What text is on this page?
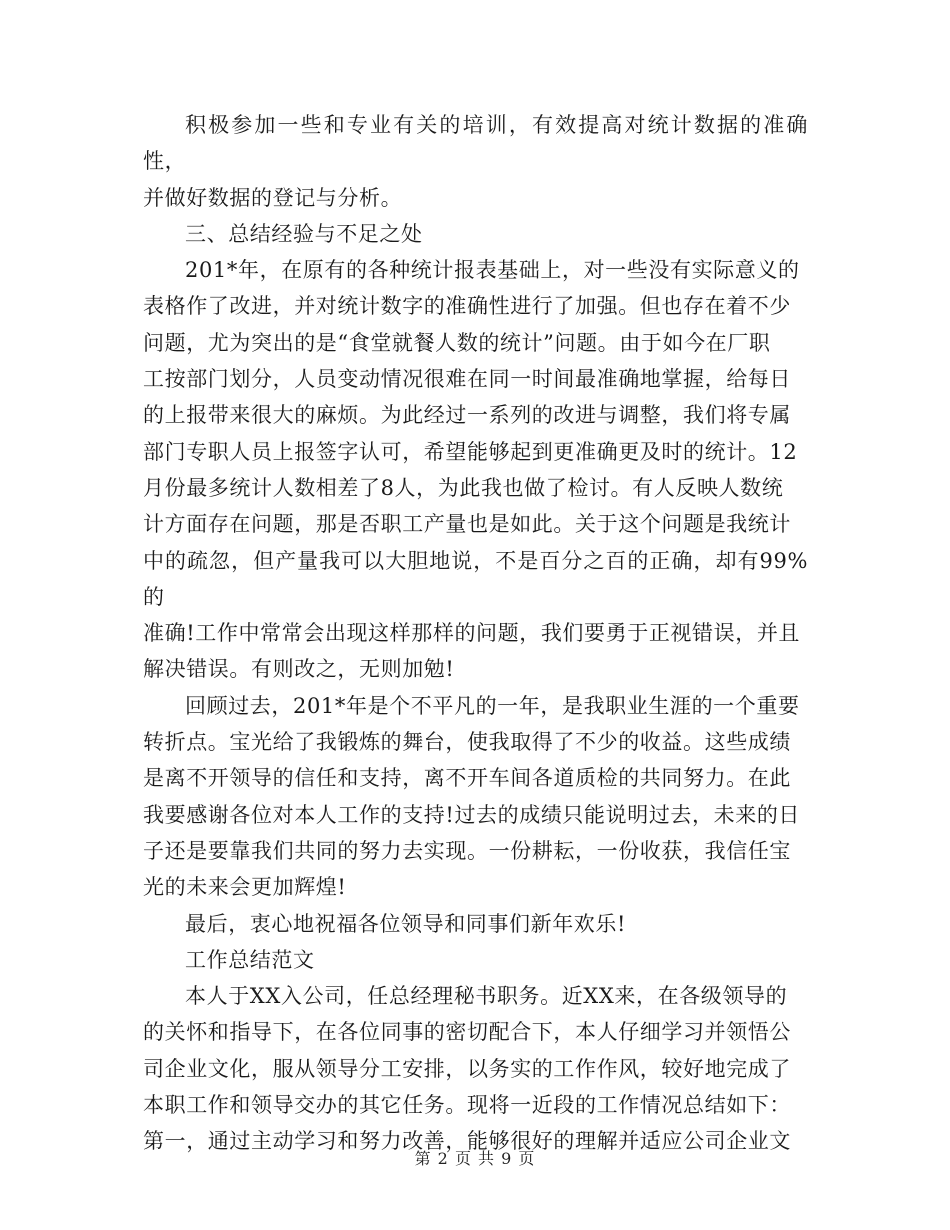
积极参加一些和专业有关的培训，有效提高对统计数据的准确性，
并做好数据的登记与分析。

三、总结经验与不足之处

201*年，在原有的各种统计报表基础上，对一些没有实际意义的
表格作了改进，并对统计数字的准确性进行了加强。但也存在着不少
问题，尤为突出的是“食堂就餐人数的统计”问题。由于如今在厂职
工按部门划分，人员变动情况很难在同一时间最准确地掌握，给每日
的上报带来很大的麻烦。为此经过一系列的改进与调整，我们将专属
部门专职人员上报签字认可，希望能够起到更准确更及时的统计。12
月份最多统计人数相差了8人，为此我也做了检讨。有人反映人数统
计方面存在问题，那是否职工产量也是如此。关于这个问题是我统计
中的疏忽，但产量我可以大胆地说，不是百分之百的正确，却有99%的
准确!工作中常常会出现这样那样的问题，我们要勇于正视错误，并且
解决错误。有则改之，无则加勉!

回顾过去，201*年是个不平凡的一年，是我职业生涯的一个重要
转折点。宝光给了我锻炼的舞台，使我取得了不少的收益。这些成绩
是离不开领导的信任和支持，离不开车间各道质检的共同努力。在此
我要感谢各位对本人工作的支持!过去的成绩只能说明过去，未来的日
子还是要靠我们共同的努力去实现。一份耕耘，一份收获，我信任宝
光的未来会更加辉煌!

最后，衷心地祝福各位领导和同事们新年欢乐!

工作总结范文

本人于XX入公司，任总经理秘书职务。近XX来，在各级领导的
的关怀和指导下，在各位同事的密切配合下，本人仔细学习并领悟公
司企业文化，服从领导分工安排，以务实的工作作风，较好地完成了
本职工作和领导交办的其它任务。现将一近段的工作情况总结如下：
第一，通过主动学习和努力改善，能够很好的理解并适应公司企业文

第 2 页 共 9 页
